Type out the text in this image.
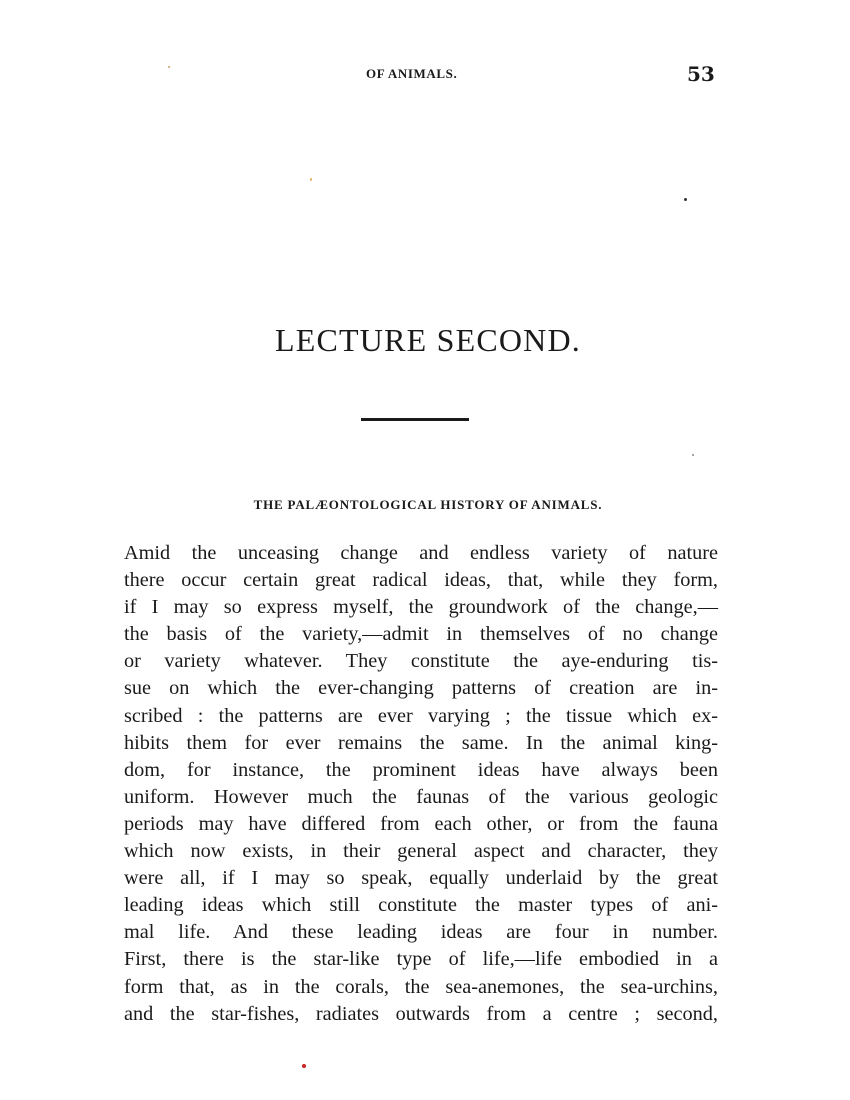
OF ANIMALS.	53
LECTURE SECOND.
THE PALÆONTOLOGICAL HISTORY OF ANIMALS.
Amid the unceasing change and endless variety of nature
there occur certain great radical ideas, that, while they form,
if I may so express myself, the groundwork of the change,—
the basis of the variety,—admit in themselves of no change
or variety whatever. They constitute the aye-enduring tis-
sue on which the ever-changing patterns of creation are in-
scribed : the patterns are ever varying ; the tissue which ex-
hibits them for ever remains the same. In the animal king-
dom, for instance, the prominent ideas have always been
uniform. However much the faunas of the various geologic
periods may have differed from each other, or from the fauna
which now exists, in their general aspect and character, they
were all, if I may so speak, equally underlaid by the great
leading ideas which still constitute the master types of ani-
mal life. And these leading ideas are four in number.
First, there is the star-like type of life,—life embodied in a
form that, as in the corals, the sea-anemones, the sea-urchins,
and the star-fishes, radiates outwards from a centre ; second,
